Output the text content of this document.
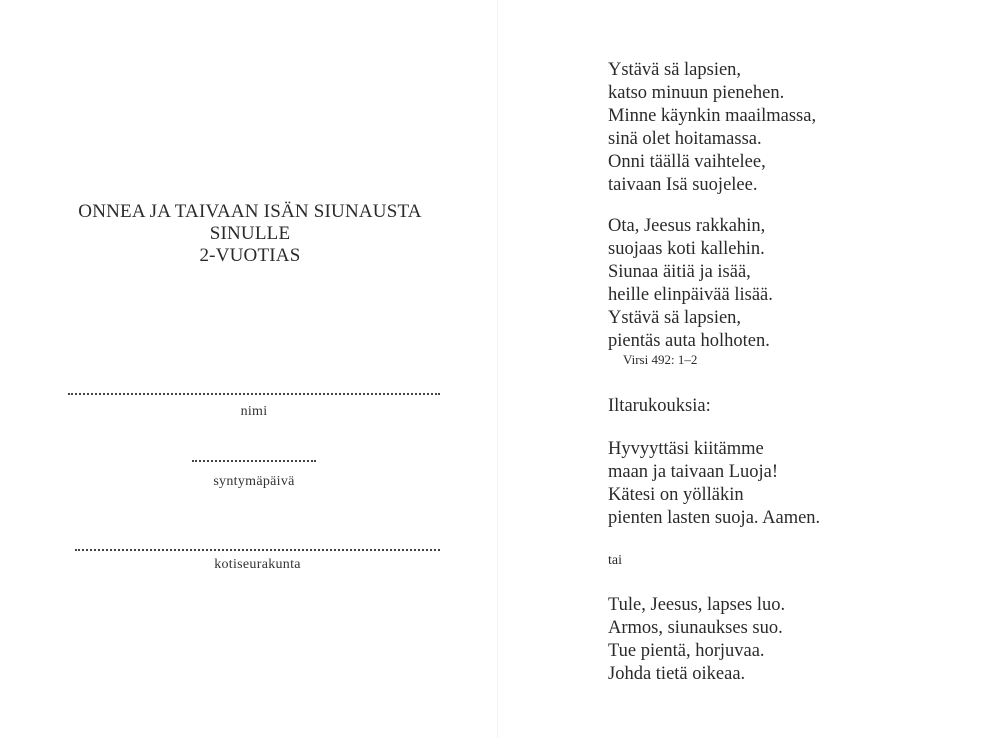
ONNEA JA TAIVAAN ISÄN SIUNAUSTA
SINULLE
2-VUOTIAS
nimi
syntymäpäivä
kotiseurakunta
Ystävä sä lapsien,
katso minuun pienehen.
Minne käynkin maailmassa,
sinä olet hoitamassa.
Onni täällä vaihtelee,
taivaan Isä suojelee.
Ota, Jeesus rakkahin,
suojaas koti kallehin.
Siunaa äitiä ja isää,
heille elinpäivää lisää.
Ystävä sä lapsien,
pientäs auta holhoten.
Virsi 492: 1–2
Iltarukouksia:
Hyvyyttäsi kiitämme
maan ja taivaan Luoja!
Kätesi on yölläkin
pienten lasten suoja. Aamen.
tai
Tule, Jeesus, lapses luo.
Armos, siunaukses suo.
Tue pientä, horjuvaa.
Johda tietä oikeaa.
